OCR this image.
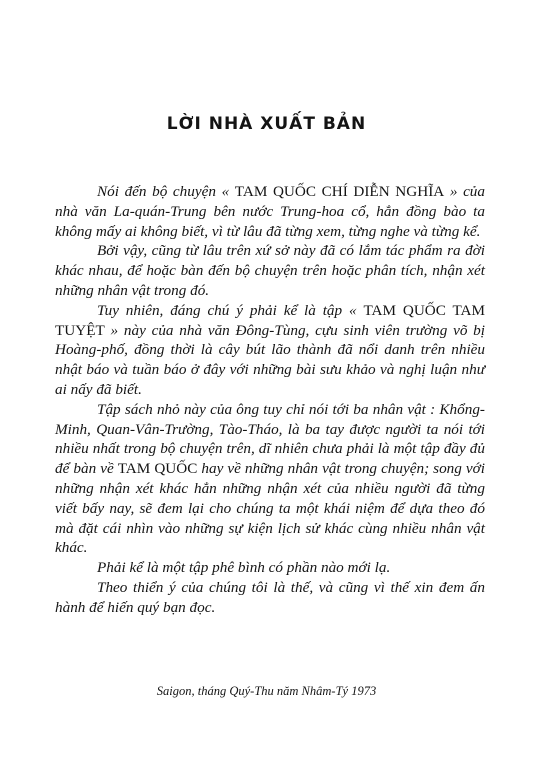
LỜI NHÀ XUẤT BẢN

Nói đến bộ chuyện « TAM QUỐC CHÍ DIỄN NGHĨA » của nhà văn La-quán-Trung bên nước Trung-hoa cổ, hẳn đồng bào ta không mấy ai không biết, vì từ lâu đã từng xem, từng nghe và từng kể.

Bởi vậy, cũng từ lâu trên xứ sở này đã có lắm tác phẩm ra đời khác nhau, để hoặc bàn đến bộ chuyện trên hoặc phân tích, nhận xét những nhân vật trong đó.

Tuy nhiên, đáng chú ý phải kể là tập « TAM QUỐC TAM TUYỆT » này của nhà văn Đông-Tùng, cựu sinh viên trường võ bị Hoàng-phố, đồng thời là cây bút lão thành đã nổi danh trên nhiều nhật báo và tuần báo ở đây với những bài sưu khảo và nghị luận như ai nấy đã biết.

Tập sách nhỏ này của ông tuy chỉ nói tới ba nhân vật : Khổng-Minh, Quan-Vân-Trường, Tào-Tháo, là ba tay được người ta nói tới nhiều nhất trong bộ chuyện trên, dĩ nhiên chưa phải là một tập đầy đủ để bàn về TAM QUỐC hay về những nhân vật trong chuyện; song với những nhận xét khác hẳn những nhận xét của nhiều người đã từng viết bấy nay, sẽ đem lại cho chúng ta một khái niệm để dựa theo đó mà đặt cái nhìn vào những sự kiện lịch sử khác cùng nhiều nhân vật khác.

Phải kể là một tập phê bình có phần nào mới lạ.

Theo thiển ý của chúng tôi là thế, và cũng vì thế xin đem ấn hành để hiến quý bạn đọc.

Saigon, tháng Quý-Thu năm Nhâm-Tý 1973
